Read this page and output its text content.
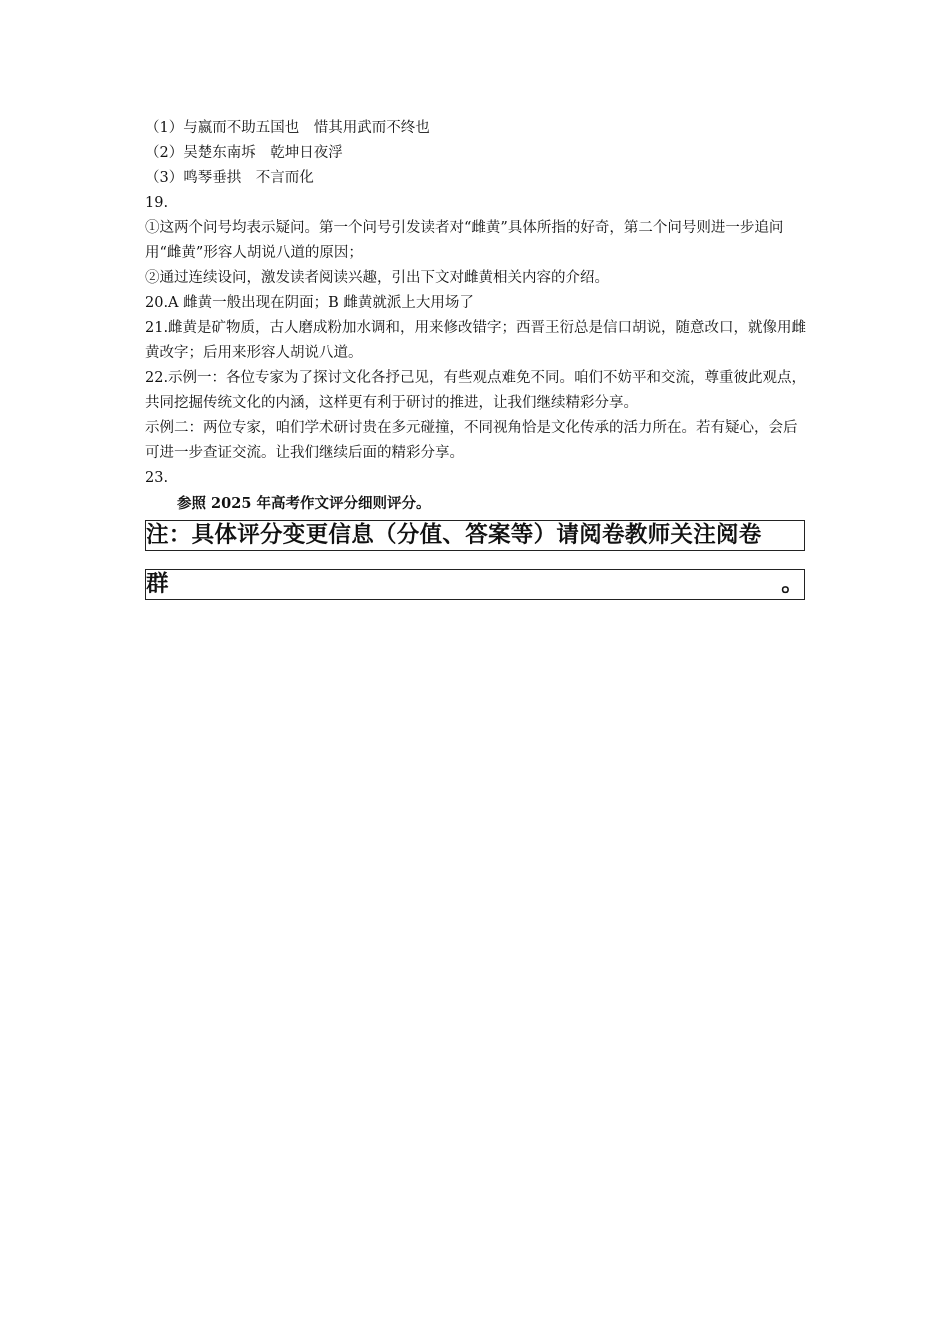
（1）与嬴而不助五国也　惜其用武而不终也

（2）吴楚东南坼　乾坤日夜浮

（3）鸣琴垂拱　不言而化

19.

①这两个问号均表示疑问。第一个问号引发读者对“雌黄”具体所指的好奇，第二个问号则进一步追问用“雌黄”形容人胡说八道的原因；

②通过连续设问，激发读者阅读兴趣，引出下文对雌黄相关内容的介绍。

20.A 雌黄一般出现在阴面；B 雌黄就派上大用场了

21.雌黄是矿物质，古人磨成粉加水调和，用来修改错字；西晋王衍总是信口胡说，随意改口，就像用雌黄改字；后用来形容人胡说八道。

22.示例一：各位专家为了探讨文化各抒己见，有些观点难免不同。咱们不妨平和交流，尊重彼此观点，共同挖掘传统文化的内涵，这样更有利于研讨的推进，让我们继续精彩分享。

示例二：两位专家，咱们学术研讨贵在多元碰撞，不同视角恰是文化传承的活力所在。若有疑心，会后可进一步查证交流。让我们继续后面的精彩分享。

23.

参照 2025 年高考作文评分细则评分。

注：具体评分变更信息（分值、答案等）请阅卷教师关注阅卷
群	。
